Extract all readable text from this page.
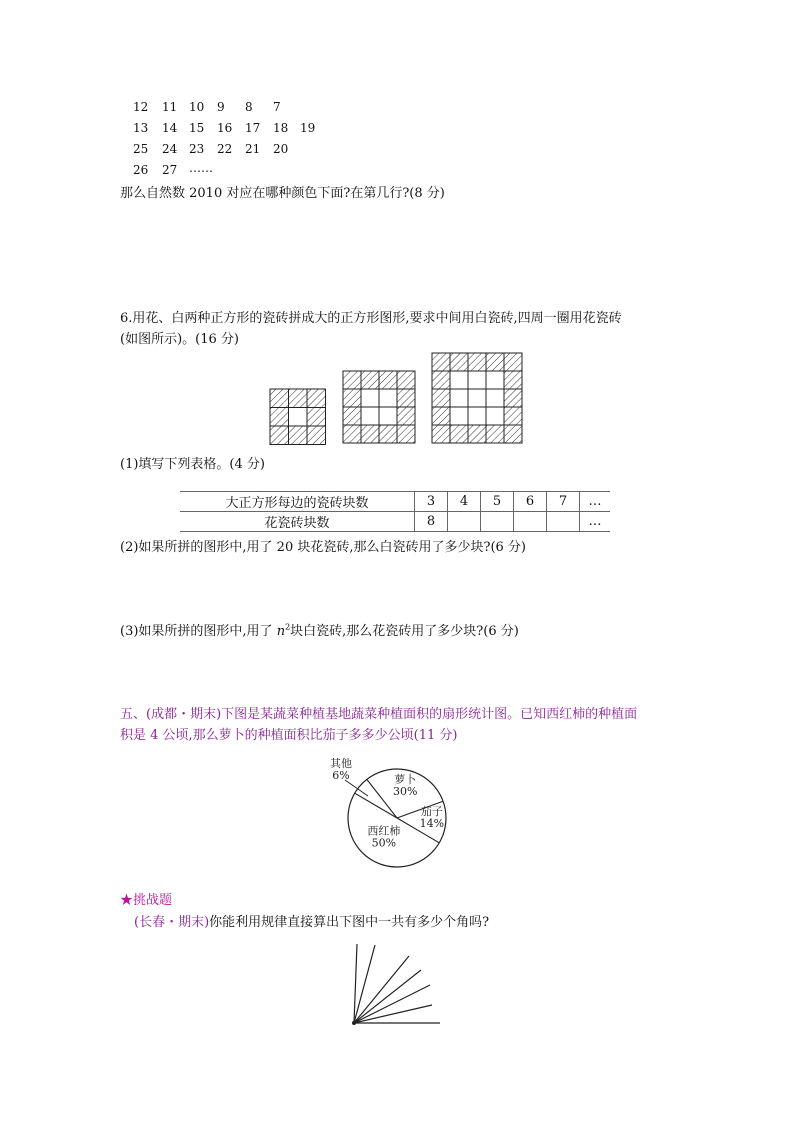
12 11 10 9 8 7
13 14 15 16 17 18 19
25 24 23 22 21 20
26 27 ……
那么自然数 2010 对应在哪种颜色下面?在第几行?(8 分)
6.用花、白两种正方形的瓷砖拼成大的正方形图形,要求中间用白瓷砖,四周一圈用花瓷砖
(如图所示)。(16 分)
(1)填写下列表格。(4 分)
大正方形每边的瓷砖块数	3	4	5	6	7	…
花瓷砖块数	8					…
(2)如果所拼的图形中,用了 20 块花瓷砖,那么白瓷砖用了多少块?(6 分)
(3)如果所拼的图形中,用了 $n^2$块白瓷砖,那么花瓷砖用了多少块?(6 分)
五、(成都・期末)下图是某蔬菜种植基地蔬菜种植面积的扇形统计图。已知西红柿的种植面
积是 4 公顷,那么萝卜的种植面积比茄子多多少公顷(11 分)
萝卜
30%
茄子
14%
西红柿
50%
其他
6%
★挑战题
(长春・期末)你能利用规律直接算出下图中一共有多少个角吗?
